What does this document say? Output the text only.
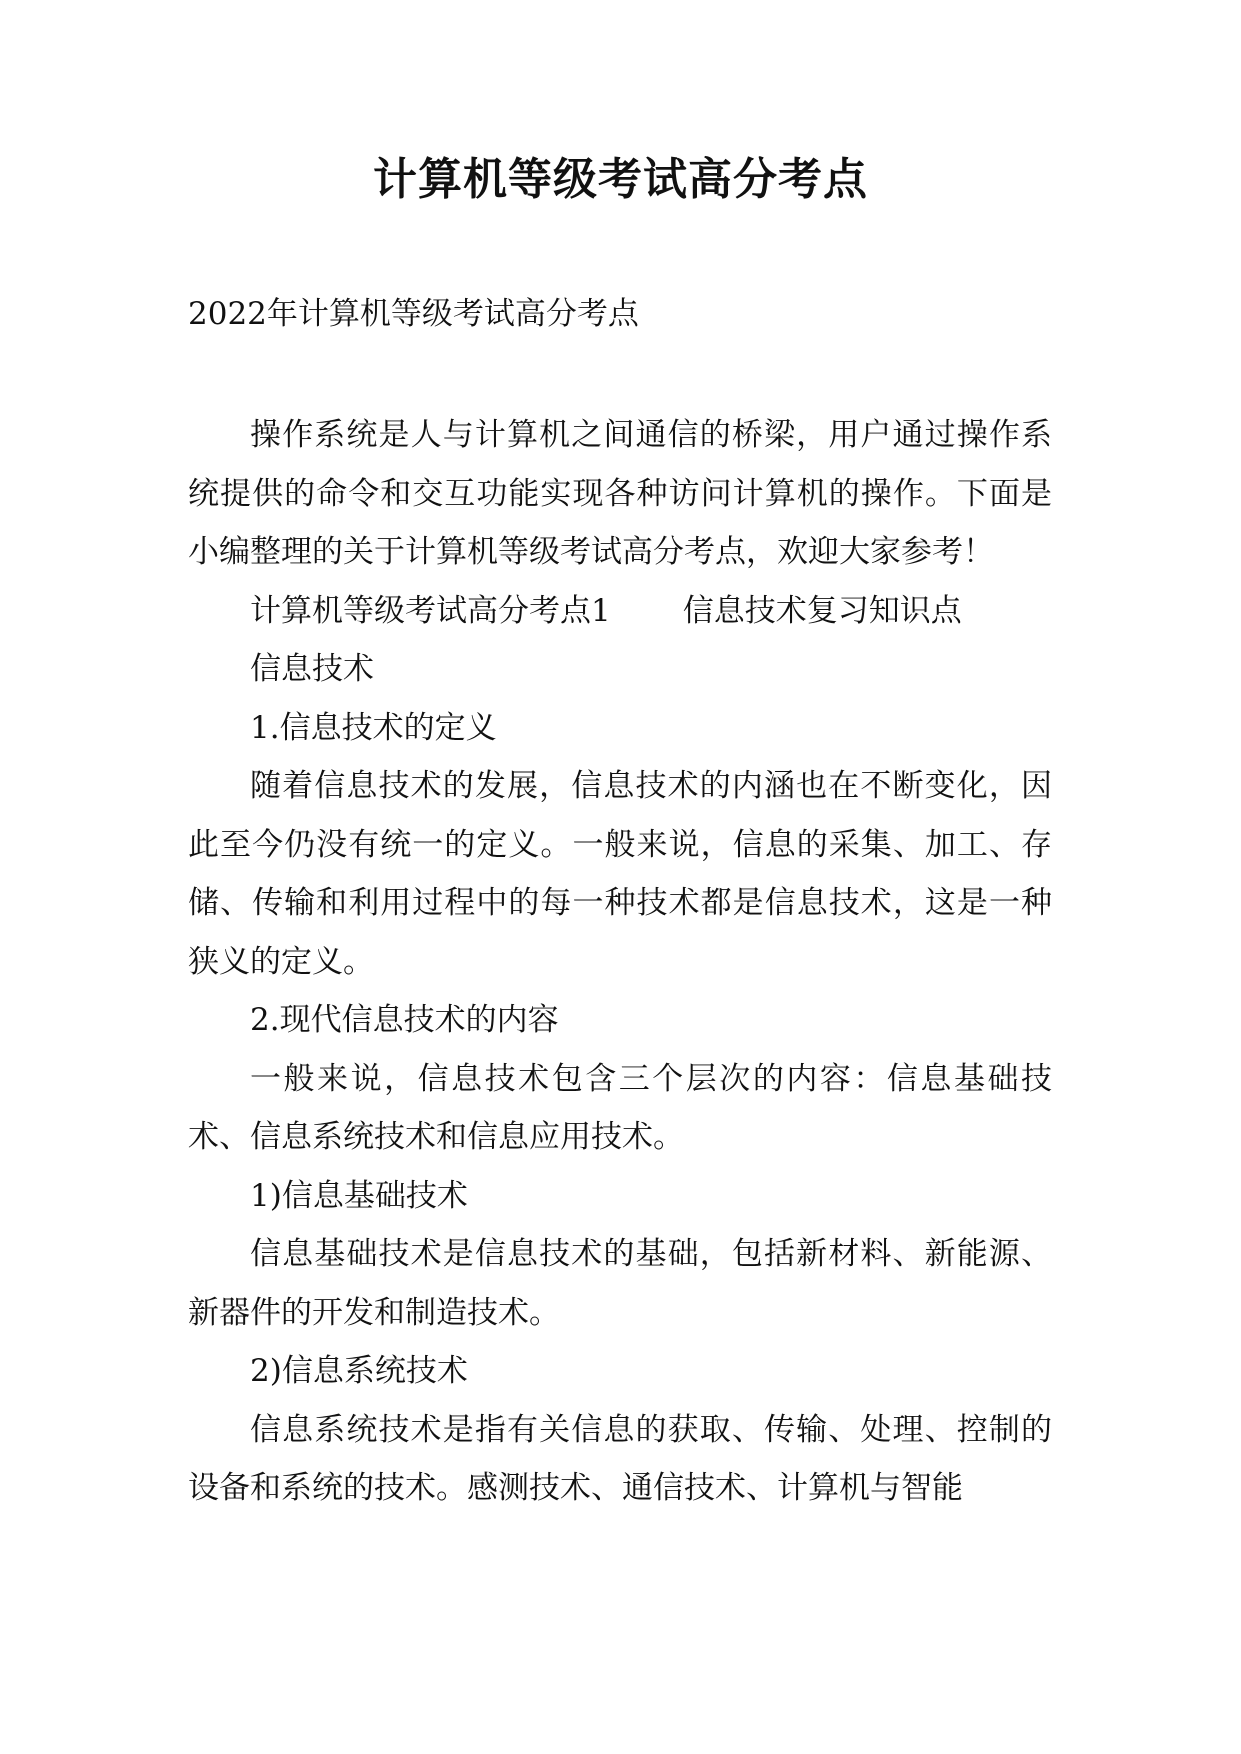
计算机等级考试高分考点

2022年计算机等级考试高分考点

操作系统是人与计算机之间通信的桥梁，用户通过操作系统提供的命令和交互功能实现各种访问计算机的操作。下面是小编整理的关于计算机等级考试高分考点，欢迎大家参考！

计算机等级考试高分考点1 信息技术复习知识点

信息技术

1.信息技术的定义

随着信息技术的发展，信息技术的内涵也在不断变化，因此至今仍没有统一的定义。一般来说，信息的采集、加工、存储、传输和利用过程中的每一种技术都是信息技术，这是一种狭义的定义。

2.现代信息技术的内容

一般来说，信息技术包含三个层次的内容：信息基础技术、信息系统技术和信息应用技术。

1)信息基础技术

信息基础技术是信息技术的基础，包括新材料、新能源、新器件的开发和制造技术。

2)信息系统技术

信息系统技术是指有关信息的获取、传输、处理、控制的设备和系统的技术。感测技术、通信技术、计算机与智能
